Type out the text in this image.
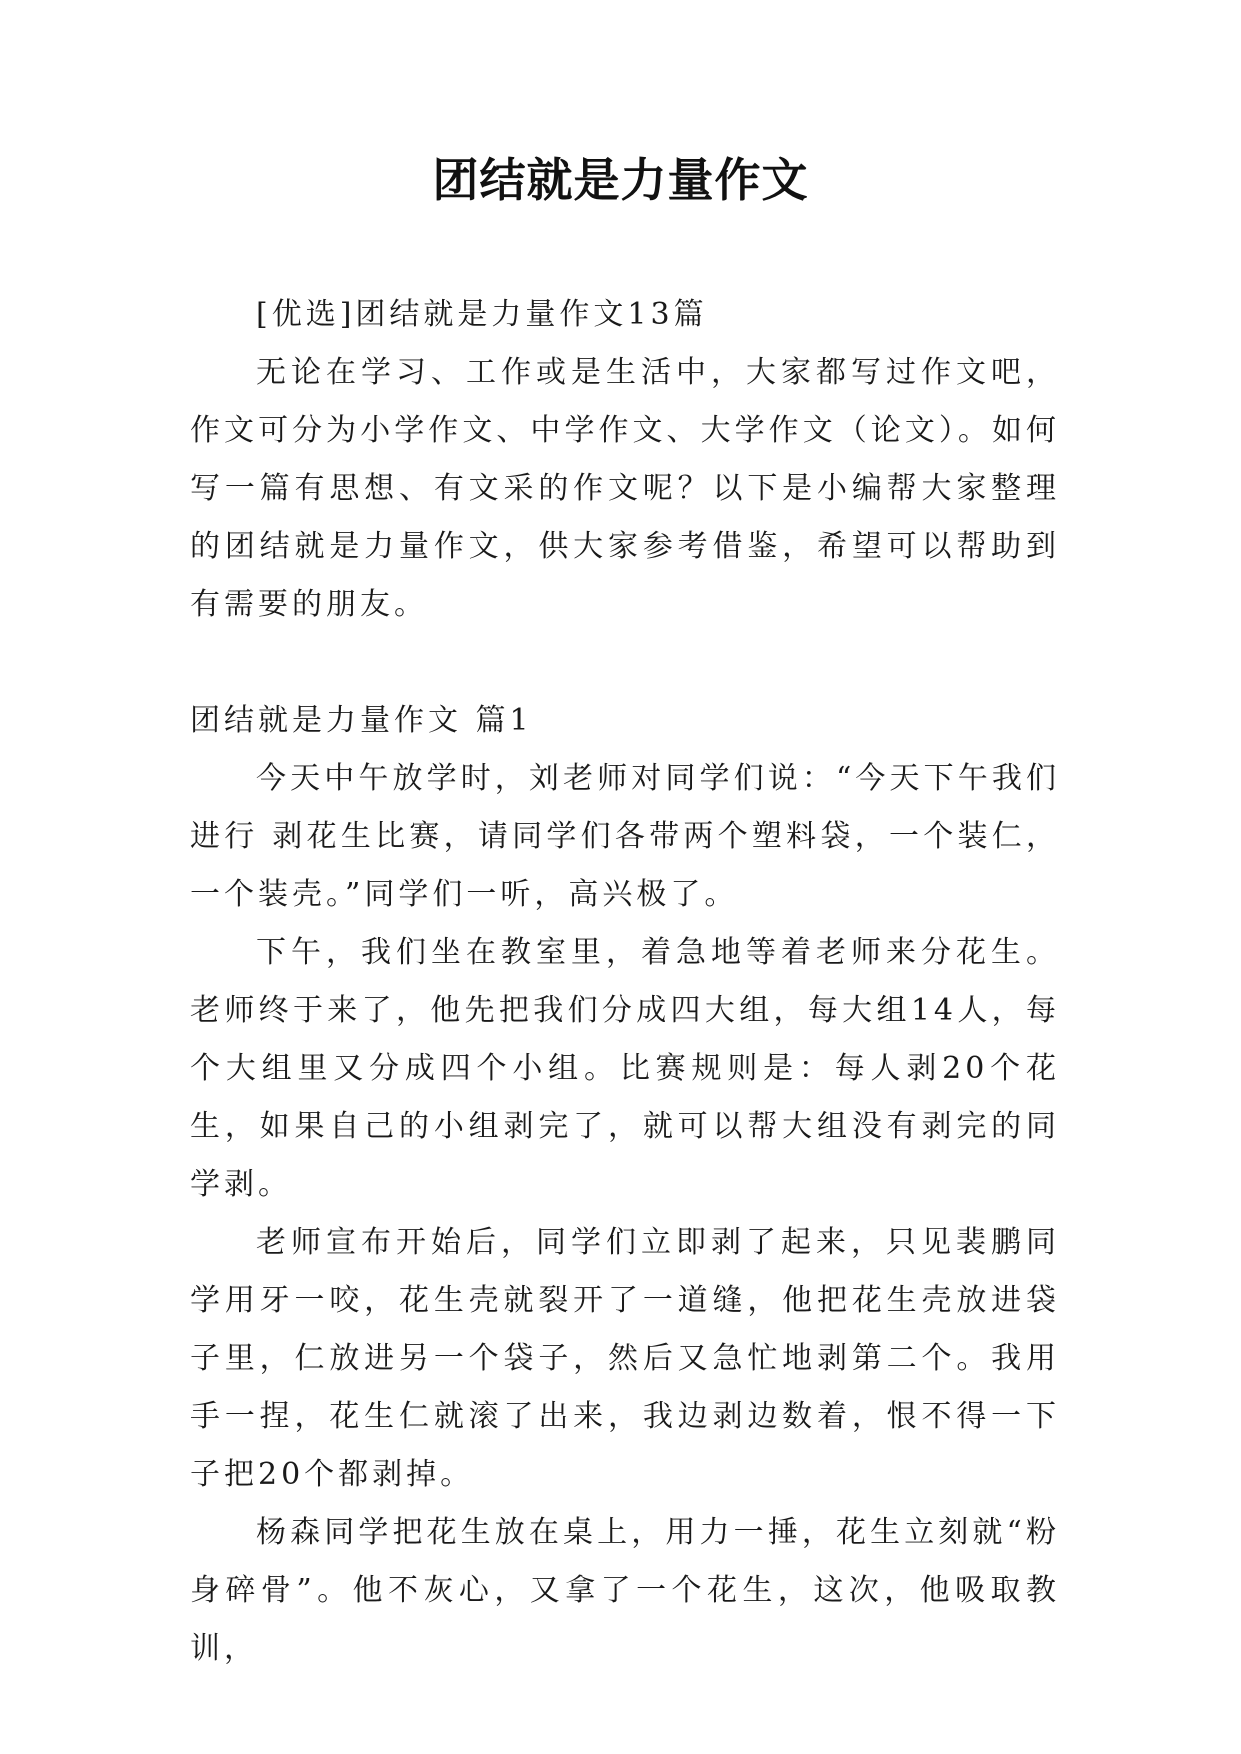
团结就是力量作文

[优选]团结就是力量作文13篇

无论在学习、工作或是生活中，大家都写过作文吧，作文可分为小学作文、中学作文、大学作文（论文）。如何写一篇有思想、有文采的作文呢？以下是小编帮大家整理的团结就是力量作文，供大家参考借鉴，希望可以帮助到有需要的朋友。

团结就是力量作文 篇1

今天中午放学时，刘老师对同学们说：“今天下午我们进行 剥花生比赛，请同学们各带两个塑料袋，一个装仁，一个装壳。”同学们一听，高兴极了。

下午，我们坐在教室里，着急地等着老师来分花生。老师终于来了，他先把我们分成四大组，每大组14人，每个大组里又分成四个小组。比赛规则是：每人剥20个花生，如果自己的小组剥完了，就可以帮大组没有剥完的同学剥。

老师宣布开始后，同学们立即剥了起来，只见裴鹏同学用牙一咬，花生壳就裂开了一道缝，他把花生壳放进袋子里，仁放进另一个袋子，然后又急忙地剥第二个。我用手一捏，花生仁就滚了出来，我边剥边数着，恨不得一下子把20个都剥掉。

杨森同学把花生放在桌上，用力一捶，花生立刻就“粉身碎骨”。他不灰心，又拿了一个花生，这次，他吸取教训，
